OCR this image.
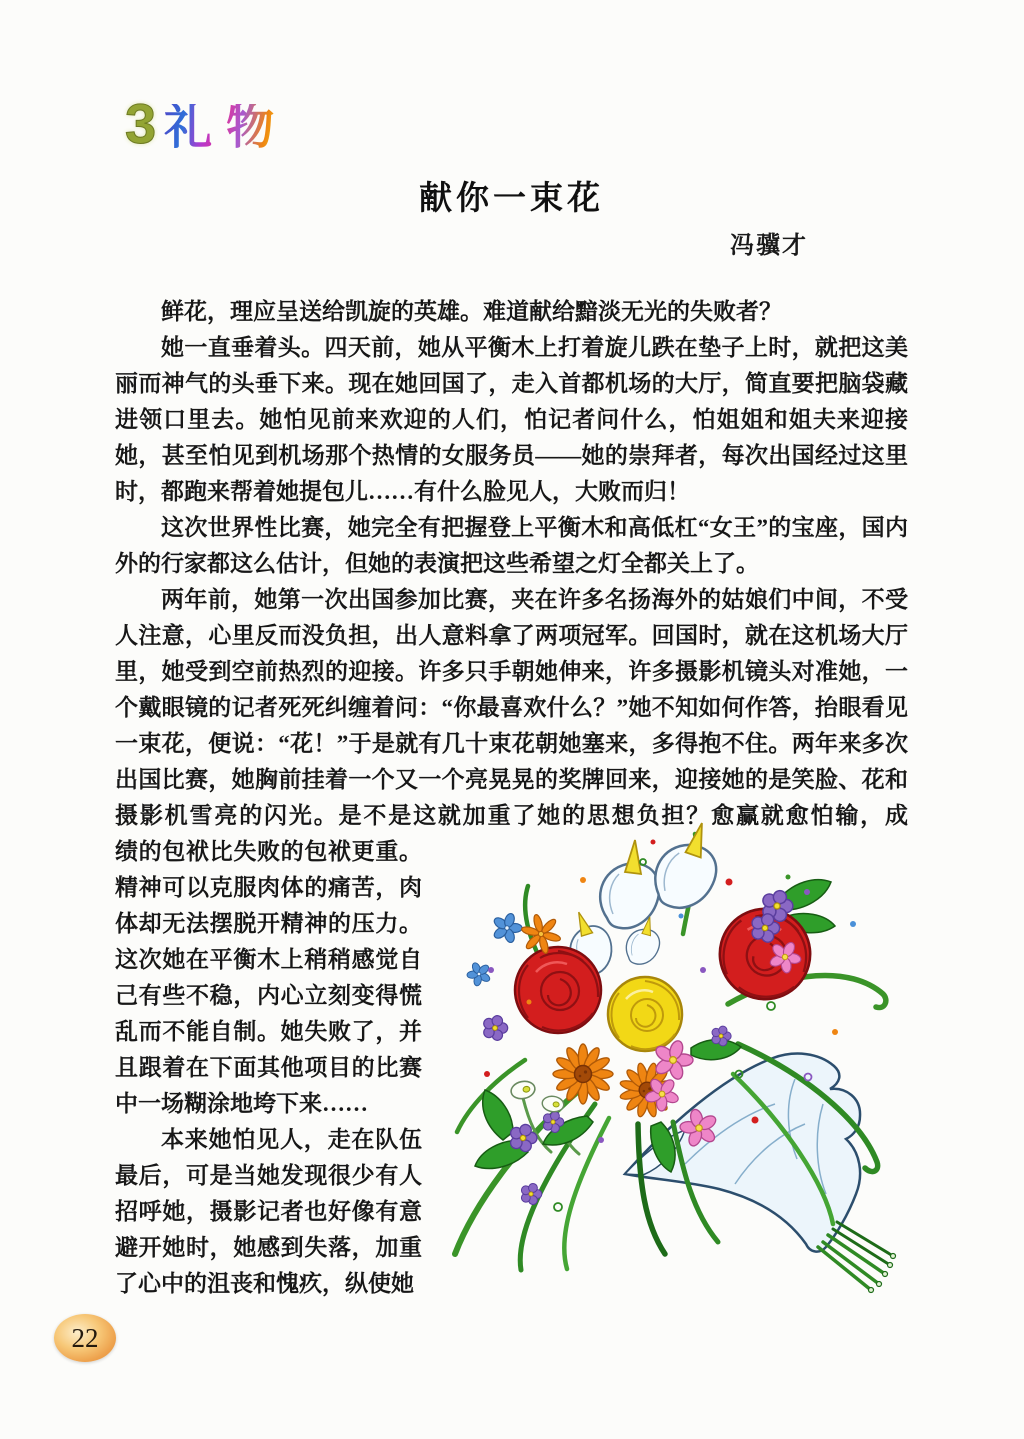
3 礼 物
献你一束花
冯骥才

鲜花，理应呈送给凯旋的英雄。难道献给黯淡无光的失败者？

她一直垂着头。四天前，她从平衡木上打着旋儿跌在垫子上时，就把这美丽而神气的头垂下来。现在她回国了，走入首都机场的大厅，简直要把脑袋藏进领口里去。她怕见前来欢迎的人们，怕记者问什么，怕姐姐和姐夫来迎接她，甚至怕见到机场那个热情的女服务员——她的崇拜者，每次出国经过这里时，都跑来帮着她提包儿……有什么脸见人，大败而归！

这次世界性比赛，她完全有把握登上平衡木和高低杠“女王”的宝座，国内外的行家都这么估计，但她的表演把这些希望之灯全都关上了。

两年前，她第一次出国参加比赛，夹在许多名扬海外的姑娘们中间，不受人注意，心里反而没负担，出人意料拿了两项冠军。回国时，就在这机场大厅里，她受到空前热烈的迎接。许多只手朝她伸来，许多摄影机镜头对准她，一个戴眼镜的记者死死纠缠着问：“你最喜欢什么？”她不知如何作答，抬眼看见一束花，便说：“花！”于是就有几十束花朝她塞来，多得抱不住。两年来多次出国比赛，她胸前挂着一个又一个亮晃晃的奖牌回来，迎接她的是笑脸、花和摄影机雪亮的闪光。是不是这就加重了她的思想负担？愈赢就愈怕输，成

绩的包袱比失败的包袱更重。精神可以克服肉体的痛苦，肉体却无法摆脱开精神的压力。这次她在平衡木上稍稍感觉自己有些不稳，内心立刻变得慌乱而不能自制。她失败了，并且跟着在下面其他项目的比赛中一场糊涂地垮下来……

本来她怕见人，走在队伍最后，可是当她发现很少有人招呼她，摄影记者也好像有意避开她时，她感到失落，加重了心中的沮丧和愧疚，纵使她

22
